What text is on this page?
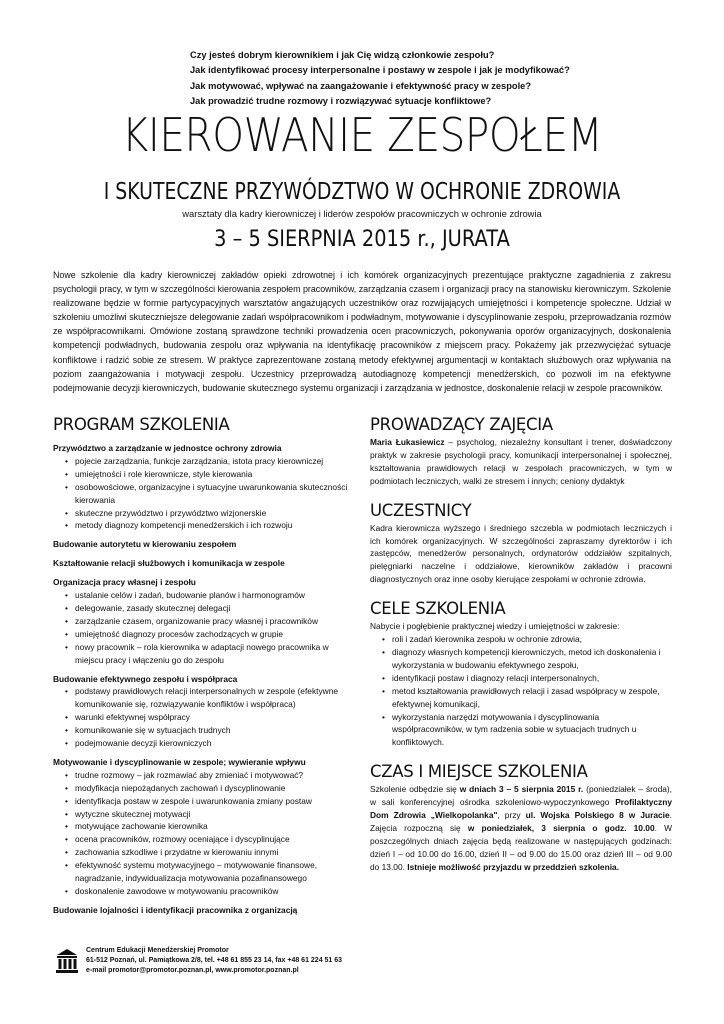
Czy jesteś dobrym kierownikiem i jak Cię widzą członkowie zespołu?
Jak identyfikować procesy interpersonalne i postawy w zespole i jak je modyfikować?
Jak motywować, wpływać na zaangażowanie i efektywność pracy w zespole?
Jak prowadzić trudne rozmowy i rozwiązywać sytuacje konfliktowe?
KIEROWANIE ZESPOŁEM
I SKUTECZNE PRZYWÓDZTWO W OCHRONIE ZDROWIA
warsztaty dla kadry kierowniczej i liderów zespołów pracowniczych w ochronie zdrowia
3 – 5 SIERPNIA 2015 r., JURATA
Nowe szkolenie dla kadry kierowniczej zakładów opieki zdrowotnej i ich komórek organizacyjnych prezentujące praktyczne zagadnienia z zakresu psychologii pracy, w tym w szczególności kierowania zespołem pracowników, zarządzania czasem i organizacji pracy na stanowisku kierowniczym. Szkolenie realizowane będzie w formie partycypacyjnych warsztatów angażujących uczestników oraz rozwijających umiejętności i kompetencje społeczne. Udział w szkoleniu umożliwi skuteczniejsze delegowanie zadań współpracownikom i podwładnym, motywowanie i dyscyplinowanie zespołu, przeprowadzania rozmów ze współpracownikami. Omówione zostaną sprawdzone techniki prowadzenia ocen pracowniczych, pokonywania oporów organizacyjnych, doskonalenia kompetencji podwładnych, budowania zespołu oraz wpływania na identyfikację pracowników z miejscem pracy. Pokażemy jak przezwyciężać sytuacje konfliktowe i radzić sobie ze stresem. W praktyce zaprezentowane zostaną metody efektywnej argumentacji w kontaktach służbowych oraz wpływania na poziom zaangażowania i motywacji zespołu. Uczestnicy przeprowadzą autodiagnozę kompetencji menedżerskich, co pozwoli im na efektywne podejmowanie decyzji kierowniczych, budowanie skutecznego systemu organizacji i zarządzania w jednostce, doskonalenie relacji w zespole pracowników.
PROGRAM SZKOLENIA
Przywództwo a zarządzanie w jednostce ochrony zdrowia
• pojecie zarządzania, funkcje zarządzania, istota pracy kierowniczej
• umiejętności i role kierownicze, style kierowania
• osobowościowe, organizacyjne i sytuacyjne uwarunkowania skuteczności kierowania
• skuteczne przywództwo i przywództwo wizjonerskie
• metody diagnozy kompetencji menedżerskich i ich rozwoju
Budowanie autorytetu w kierowaniu zespołem
Kształtowanie relacji służbowych i komunikacja w zespole
Organizacja pracy własnej i zespołu
• ustalanie celów i zadań, budowanie planów i harmonogramów
• delegowanie, zasady skutecznej delegacji
• zarządzanie czasem, organizowanie pracy własnej i pracowników
• umiejętność diagnozy procesów zachodzących w grupie
• nowy pracownik – rola kierownika w adaptacji nowego pracownika w miejscu pracy i włączeniu go do zespołu
Budowanie efektywnego zespołu i współpraca
• podstawy prawidłowych relacji interpersonalnych w zespole (efektywne komunikowanie się, rozwiązywanie konfliktów i współpraca)
• warunki efektywnej współpracy
• komunikowanie się w sytuacjach trudnych
• podejmowanie decyzji kierowniczych
Motywowanie i dyscyplinowanie w zespole; wywieranie wpływu
• trudne rozmowy – jak rozmawiać aby zmieniać i motywować?
• modyfikacja niepożądanych zachowań i dyscyplinowanie
• identyfikacja postaw w zespole i uwarunkowania zmiany postaw
• wytyczne skutecznej motywacji
• motywujące zachowanie kierownika
• ocena pracowników, rozmowy oceniające i dyscyplinujące
• zachowania szkodliwe i przydatne w kierowaniu innymi
• efektywność systemu motywacyjnego – motywowanie finansowe, nagradzanie, indywidualizacja motywowania pozafinansowego
• doskonalenie zawodowe w motywowaniu pracowników
Budowanie lojalności i identyfikacji pracownika z organizacją
PROWADZĄCY ZAJĘCIA

Maria Łukasiewicz – psycholog, niezależny konsultant i trener, doświadczony praktyk w zakresie psychologii pracy, komunikacji interpersonalnej i społecznej, kształtowania prawidłowych relacji w zespołach pracowniczych, w tym w podmiotach leczniczych, walki ze stresem i innych; ceniony dydaktyk

UCZESTNICY

Kadra kierownicza wyższego i średniego szczebla w podmiotach leczniczych i ich komórek organizacyjnych. W szczególności zapraszamy dyrektorów i ich zastępców, menedżerów personalnych, ordynatorów oddziałów szpitalnych, pielęgniarki naczelne i oddziałowe, kierowników zakładów i pracowni diagnostycznych oraz inne osoby kierujące zespołami w ochronie zdrowia.

CELE SZKOLENIA

Nabycie i pogłębienie praktycznej wiedzy i umiejętności w zakresie:

• roli i zadań kierownika zespołu w ochronie zdrowia,
• diagnozy własnych kompetencji kierowniczych, metod ich doskonalenia i wykorzystania w budowaniu efektywnego zespołu,
• identyfikacji postaw i diagnozy relacji interpersonalnych,
• metod kształtowania prawidłowych relacji i zasad współpracy w zespole, efektywnej komunikacji,
• wykorzystania narzędzi motywowania i dyscyplinowania współpracowników, w tym radzenia sobie w sytuacjach trudnych u konfliktowych.
CZAS I MIEJSCE SZKOLENIA

Szkolenie odbędzie się w dniach 3 – 5 sierpnia 2015 r. (poniedziałek – środa), w sali konferencyjnej ośrodka szkoleniowo-wypoczynkowego Profilaktyczny Dom Zdrowia „Wielkopolanka", przy ul. Wojska Polskiego 8 w Juracie. Zajęcia rozpoczną się w poniedziałek, 3 sierpnia o godz. 10.00. W poszczególnych dniach zajęcia będą realizowane w następujących godzinach: dzień I – od 10.00 do 16.00, dzień II – od 9.00 do 15.00 oraz dzień III – od 9.00 do 13.00. Istnieje możliwość przyjazdu w przeddzień szkolenia.

Centrum Edukacji Menedżerskiej Promotor
61-512 Poznań, ul. Pamiątkowa 2/8, tel. +48 61 855 23 14, fax +48 61 224 51 63
e-mail promotor@promotor.poznan.pl, www.promotor.poznan.pl
